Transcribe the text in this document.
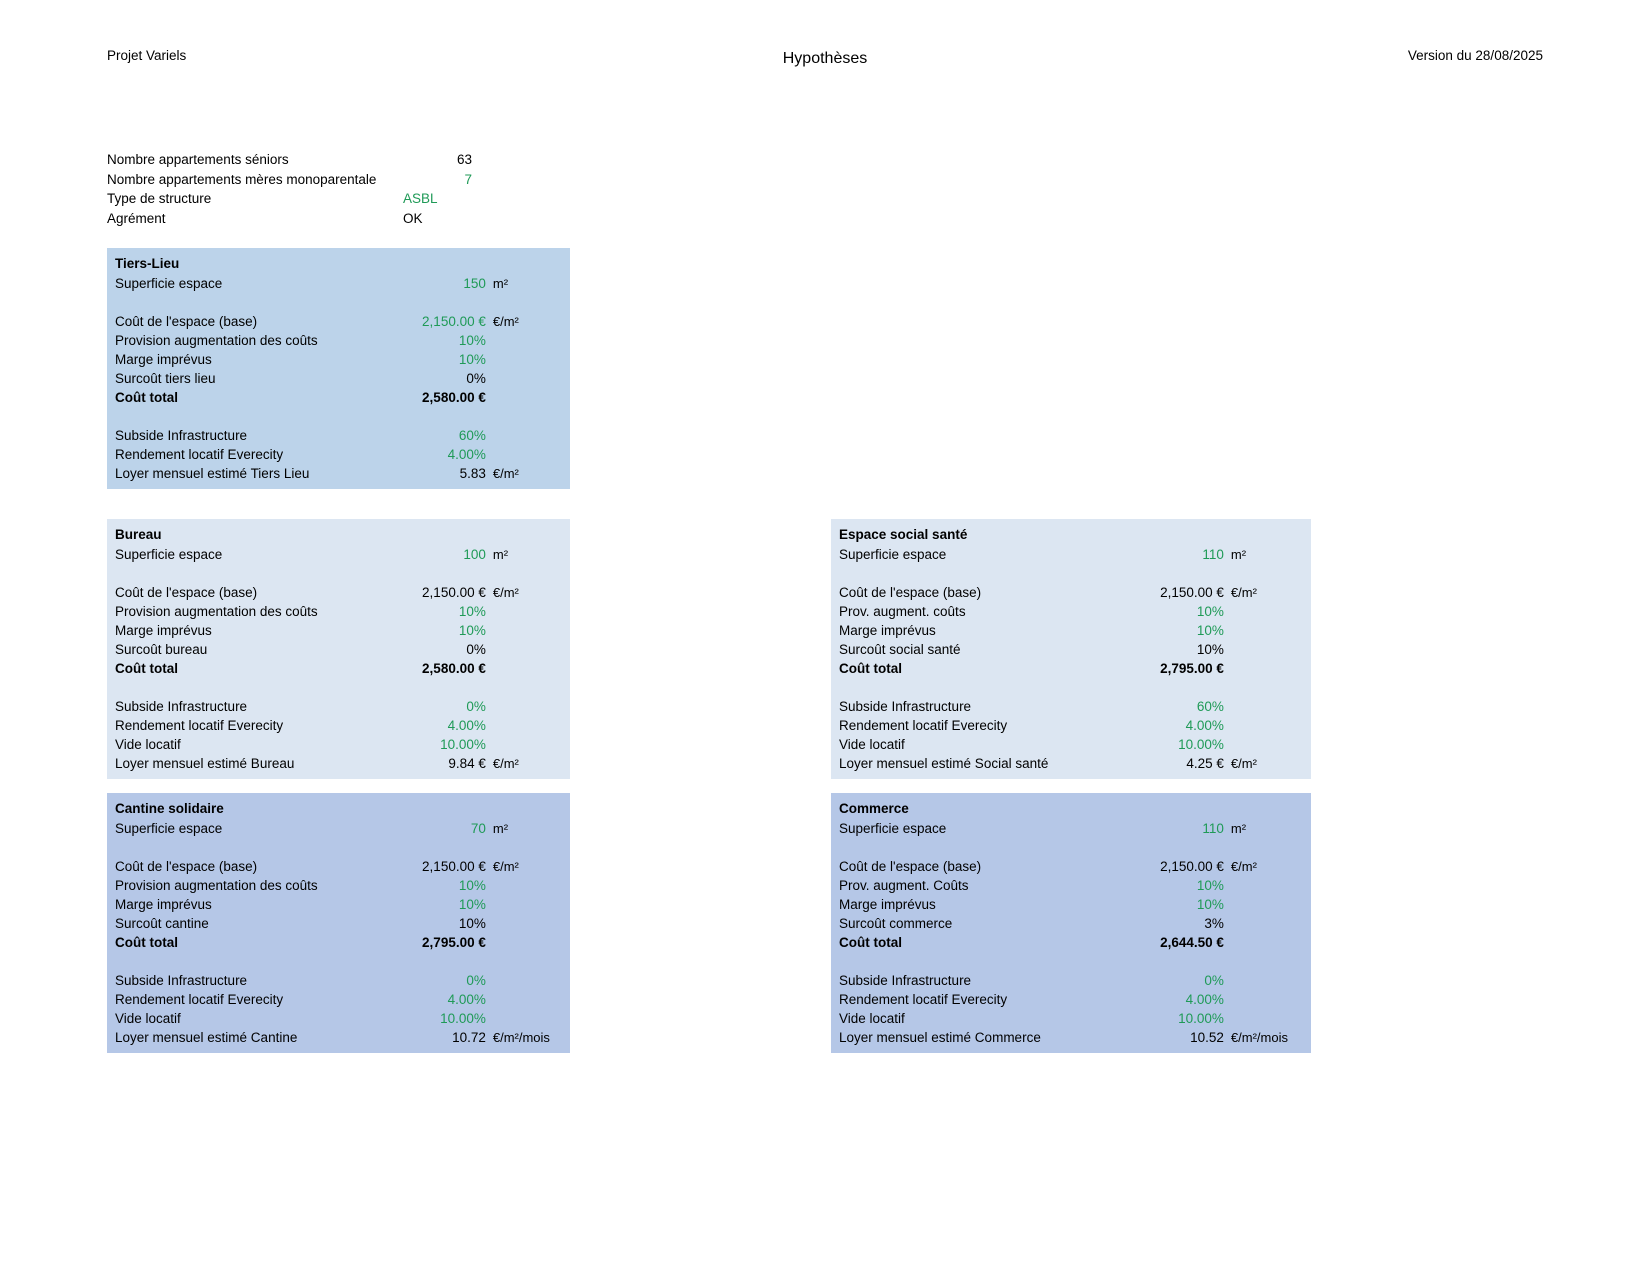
Projet Variels	Hypothèses	Version du 28/08/2025
Nombre appartements séniors	63
Nombre appartements mères monoparentale	7
Type de structure	ASBL
Agrément	OK
Tiers-Lieu
Superficie espace	150 m²
Coût de l'espace (base)	2,150.00 € €/m²
Provision augmentation des coûts	10%
Marge imprévus	10%
Surcoût tiers lieu	0%
Coût total	2,580.00 €
Subside Infrastructure	60%
Rendement locatif Everecity	4.00%
Loyer mensuel estimé Tiers Lieu	5.83 €/m²
Bureau
Superficie espace	100 m²
Coût de l'espace (base)	2,150.00 € €/m²
Provision augmentation des coûts	10%
Marge imprévus	10%
Surcoût bureau	0%
Coût total	2,580.00 €
Subside Infrastructure	0%
Rendement locatif Everecity	4.00%
Vide locatif	10.00%
Loyer mensuel estimé Bureau	9.84 € €/m²
Cantine solidaire
Superficie espace	70 m²
Coût de l'espace (base)	2,150.00 € €/m²
Provision augmentation des coûts	10%
Marge imprévus	10%
Surcoût cantine	10%
Coût total	2,795.00 €
Subside Infrastructure	0%
Rendement locatif Everecity	4.00%
Vide locatif	10.00%
Loyer mensuel estimé Cantine	10.72 €/m²/mois
Espace social santé
Superficie espace	110 m²
Coût de l'espace (base)	2,150.00 € €/m²
Prov. augment. coûts	10%
Marge imprévus	10%
Surcoût social santé	10%
Coût total	2,795.00 €
Subside Infrastructure	60%
Rendement locatif Everecity	4.00%
Vide locatif	10.00%
Loyer mensuel estimé Social santé	4.25 € €/m²
Commerce
Superficie espace	110 m²
Coût de l'espace (base)	2,150.00 € €/m²
Prov. augment. Coûts	10%
Marge imprévus	10%
Surcoût commerce	3%
Coût total	2,644.50 €
Subside Infrastructure	0%
Rendement locatif Everecity	4.00%
Vide locatif	10.00%
Loyer mensuel estimé Commerce	10.52 €/m²/mois
